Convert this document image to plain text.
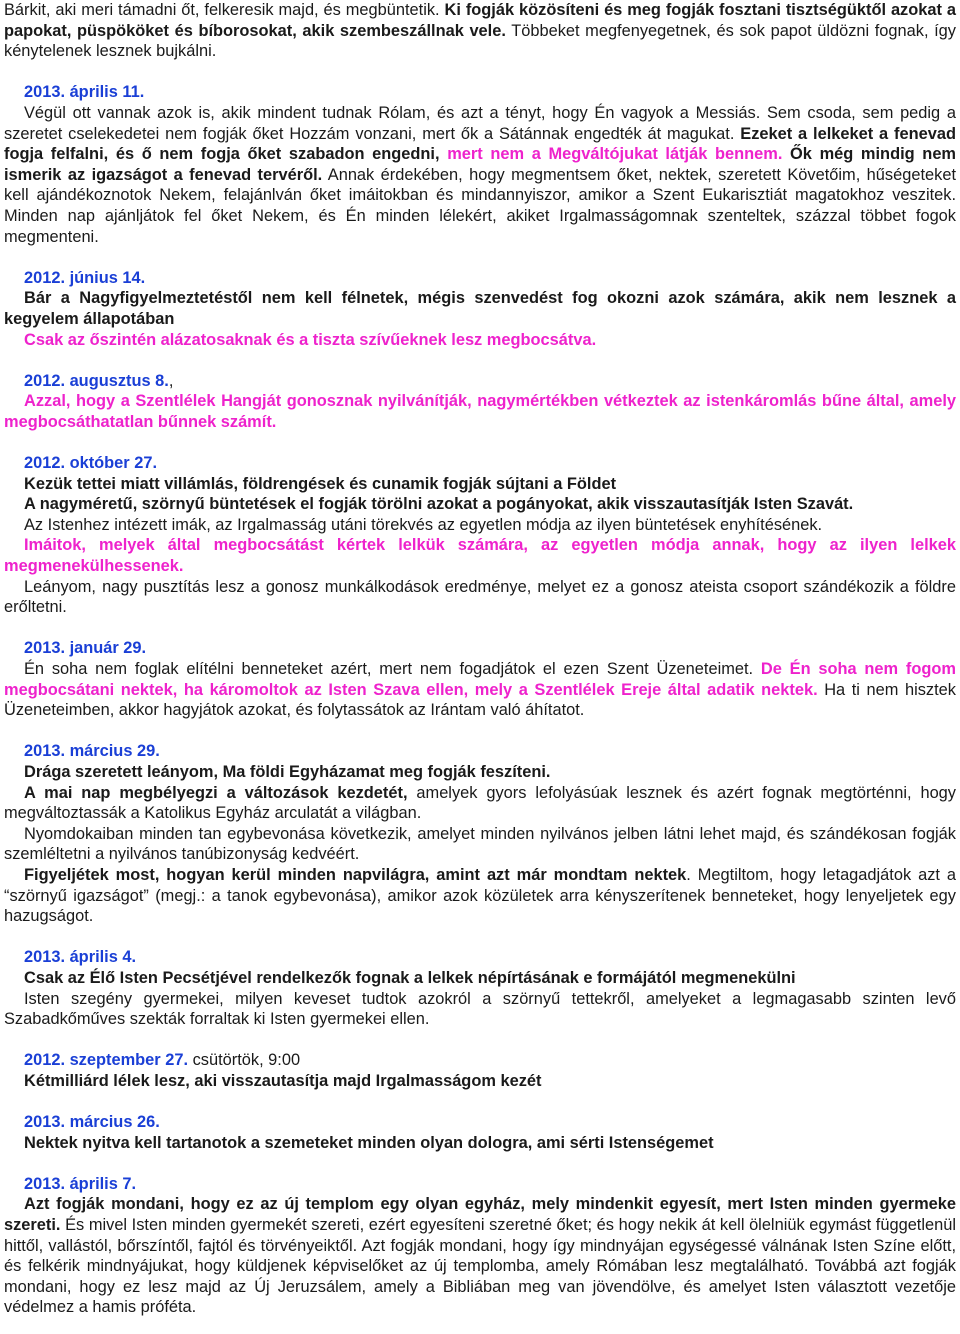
Bárkit, aki meri támadni őt, felkeresik majd, és megbüntetik. Ki fogják közösíteni és meg fogják fosztani tisztségüktől azokat a papokat, püspököket és bíborosokat, akik szembeszállnak vele. Többeket megfenyegetnek, és sok papot üldözni fognak, így kénytelenek lesznek bujkálni.

2013. április 11.

Végül ott vannak azok is, akik mindent tudnak Rólam, és azt a tényt, hogy Én vagyok a Messiás. Sem csoda, sem pedig a szeretet cselekedetei nem fogják őket Hozzám vonzani, mert ők a Sátánnak engedték át magukat. Ezeket a lelkeket a fenevad fogja felfalni, és ő nem fogja őket szabadon engedni, mert nem a Megváltójukat látják bennem. Ők még mindig nem ismerik az igazságot a fenevad tervéről. Annak érdekében, hogy megmentsem őket, nektek, szeretett Követőim, hűségeteket kell ajándékoznotok Nekem, felajánlván őket imáitokban és mindannyiszor, amikor a Szent Eukarisztiát magatokhoz veszitek. Minden nap ajánljátok fel őket Nekem, és Én minden lélekért, akiket Irgalmasságomnak szenteltek, százzal többet fogok megmenteni.

2012. június 14.

Bár a Nagyfigyelmeztetéstől nem kell félnetek, mégis szenvedést fog okozni azok számára, akik nem lesznek a kegyelem állapotában

Csak az őszintén alázatosaknak és a tiszta szívűeknek lesz megbocsátva.

2012. augusztus 8.,

Azzal, hogy a Szentlélek Hangját gonosznak nyilvánítják, nagymértékben vétkeztek az istenkáromlás bűne által, amely megbocsáthatatlan bűnnek számít.

2012. október 27.

Kezük tettei miatt villámlás, földrengések és cunamik fogják sújtani a Földet

A nagyméretű, szörnyű büntetések el fogják törölni azokat a pogányokat, akik visszautasítják Isten Szavát.

Az Istenhez intézett imák, az Irgalmasság utáni törekvés az egyetlen módja az ilyen büntetések enyhítésének.

Imáitok, melyek által megbocsátást kértek lelkük számára, az egyetlen módja annak, hogy az ilyen lelkek megmenekülhessenek.

Leányom, nagy pusztítás lesz a gonosz munkálkodások eredménye, melyet ez a gonosz ateista csoport szándékozik a földre erőltetni.

2013. január 29.

Én soha nem foglak elítélni benneteket azért, mert nem fogadjátok el ezen Szent Üzeneteimet. De Én soha nem fogom megbocsátani nektek, ha káromoltok az Isten Szava ellen, mely a Szentlélek Ereje által adatik nektek. Ha ti nem hisztek Üzeneteimben, akkor hagyjátok azokat, és folytassátok az Irántam való áhítatot.

2013. március 29.

Drága szeretett leányom, Ma földi Egyházamat meg fogják feszíteni.

A mai nap megbélyegzi a változások kezdetét, amelyek gyors lefolyásúak lesznek és azért fognak megtörténni, hogy megváltoztassák a Katolikus Egyház arculatát a világban.

Nyomdokaiban minden tan egybevonása következik, amelyet minden nyilvános jelben látni lehet majd, és szándékosan fogják szemléltetni a nyilvános tanúbizonyság kedvéért.

Figyeljétek most, hogyan kerül minden napvilágra, amint azt már mondtam nektek. Megtiltom, hogy letagadjátok azt a “szörnyű igazságot” (megj.: a tanok egybevonása), amikor azok közületek arra kényszerítenek benneteket, hogy lenyeljetek egy hazugságot.

2013. április 4.

Csak az Élő Isten Pecsétjével rendelkezők fognak a lelkek népírtásának e formájától megmenekülni

Isten szegény gyermekei, milyen keveset tudtok azokról a szörnyű tettekről, amelyeket a legmagasabb szinten levő Szabadkőműves szekták forraltak ki Isten gyermekei ellen.

2012. szeptember 27. csütörtök, 9:00

Kétmilliárd lélek lesz, aki visszautasítja majd Irgalmasságom kezét

2013. március 26.

Nektek nyitva kell tartanotok a szemeteket minden olyan dologra, ami sérti Istenségemet

2013. április 7.

Azt fogják mondani, hogy ez az új templom egy olyan egyház, mely mindenkit egyesít, mert Isten minden gyermeke szereti. És mivel Isten minden gyermekét szereti, ezért egyesíteni szeretné őket; és hogy nekik át kell ölelniük egymást függetlenül hittől, vallástól, bőrszíntől, fajtól és törvényeiktől. Azt fogják mondani, hogy így mindnyájan egységessé válnának Isten Színe előtt, és felkérik mindnyájukat, hogy küldjenek képviselőket az új templomba, amely Rómában lesz megtalálható. Továbbá azt fogják mondani, hogy ez lesz majd az Új Jeruzsálem, amely a Bibliában meg van jövendölve, és amelyet Isten választott vezetője védelmez a hamis próféta.
